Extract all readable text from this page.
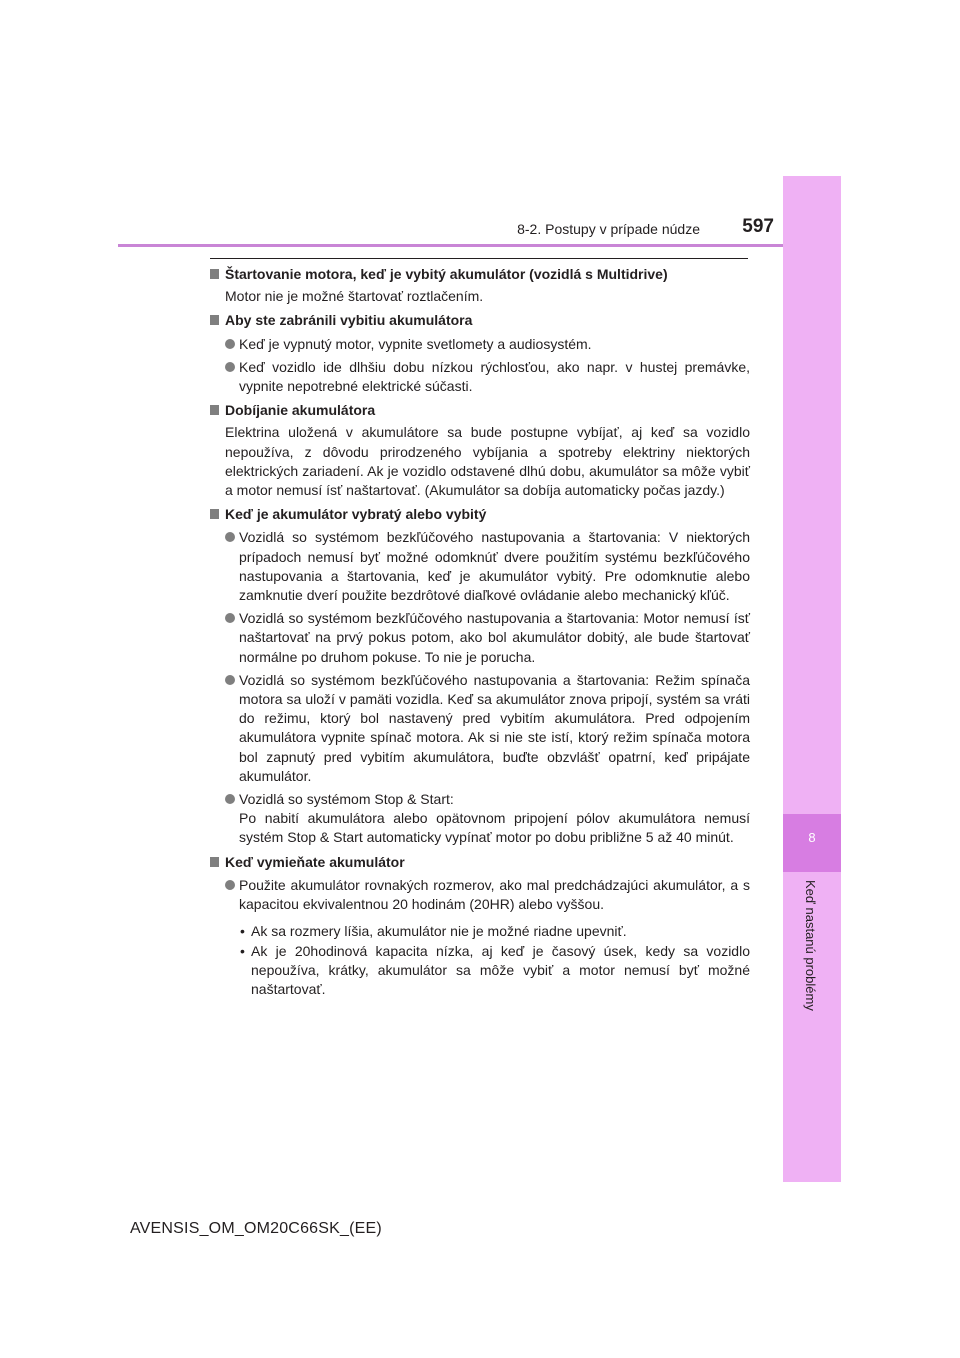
8
Keď nastanú problémy
8-2. Postupy v prípade núdze	597
Štartovanie motora, keď je vybitý akumulátor (vozidlá s Multidrive)
Motor nie je možné štartovať roztlačením.
Aby ste zabránili vybitiu akumulátora
Keď je vypnutý motor, vypnite svetlomety a audiosystém.
Keď vozidlo ide dlhšiu dobu nízkou rýchlosťou, ako napr. v hustej premávke, vypnite nepotrebné elektrické súčasti.
Dobíjanie akumulátora
Elektrina uložená v akumulátore sa bude postupne vybíjať, aj keď sa vozidlo nepoužíva, z dôvodu prirodzeného vybíjania a spotreby elektriny niektorých elektrických zariadení. Ak je vozidlo odstavené dlhú dobu, akumulátor sa môže vybiť a motor nemusí ísť naštartovať. (Akumulátor sa dobíja automaticky počas jazdy.)
Keď je akumulátor vybratý alebo vybitý
Vozidlá so systémom bezkľúčového nastupovania a štartovania: V niektorých prípadoch nemusí byť možné odomknúť dvere použitím systému bezkľúčového nastupovania a štartovania, keď je akumulátor vybitý. Pre odomknutie alebo zamknutie dverí použite bezdrôtové diaľkové ovládanie alebo mechanický kľúč.
Vozidlá so systémom bezkľúčového nastupovania a štartovania: Motor nemusí ísť naštartovať na prvý pokus potom, ako bol akumulátor dobitý, ale bude štartovať normálne po druhom pokuse. To nie je porucha.
Vozidlá so systémom bezkľúčového nastupovania a štartovania: Režim spínača motora sa uloží v pamäti vozidla. Keď sa akumulátor znova pripojí, systém sa vráti do režimu, ktorý bol nastavený pred vybitím akumulátora. Pred odpojením akumulátora vypnite spínač motora. Ak si nie ste istí, ktorý režim spínača motora bol zapnutý pred vybitím akumulátora, buďte obzvlášť opatrní, keď pripájate akumulátor.
Vozidlá so systémom Stop & Start:
Po nabití akumulátora alebo opätovnom pripojení pólov akumulátora nemusí systém Stop & Start automaticky vypínať motor po dobu približne 5 až 40 minút.
Keď vymieňate akumulátor
Použite akumulátor rovnakých rozmerov, ako mal predchádzajúci akumulátor, a s kapacitou ekvivalentnou 20 hodinám (20HR) alebo vyššou.
• Ak sa rozmery líšia, akumulátor nie je možné riadne upevniť.
• Ak je 20hodinová kapacita nízka, aj keď je časový úsek, kedy sa vozidlo nepoužíva, krátky, akumulátor sa môže vybiť a motor nemusí byť možné naštartovať.
AVENSIS_OM_OM20C66SK_(EE)
